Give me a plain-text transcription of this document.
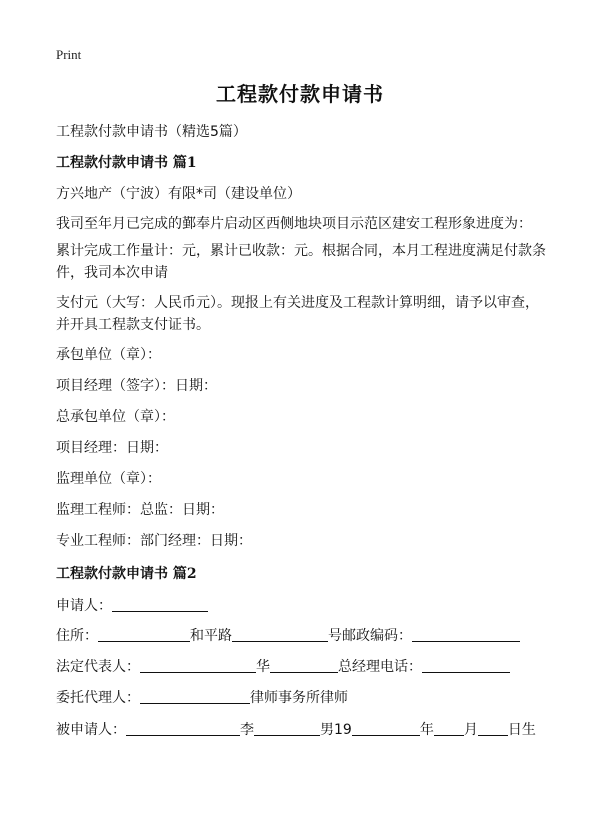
Print
工程款付款申请书
工程款付款申请书（精选5篇）
工程款付款申请书 篇1
方兴地产（宁波）有限*司（建设单位）
我司至年月已完成的鄞奉片启动区西侧地块项目示范区建安工程形象进度为：
累计完成工作量计：元，累计已收款：元。根据合同，本月工程进度满足付款条件，我司本次申请
支付元（大写：人民币元）。现报上有关进度及工程款计算明细，请予以审查，并开具工程款支付证书。
承包单位（章）：
项目经理（签字）：日期：
总承包单位（章）：
项目经理：日期：
监理单位（章）：
监理工程师：总监：日期：
专业工程师：部门经理：日期：
工程款付款申请书 篇2
申请人：
住所：	和平路	号邮政编码：
法定代表人：	华	总经理电话：
委托代理人：	律师事务所律师
被申请人：	李	男19	年 月 日生
